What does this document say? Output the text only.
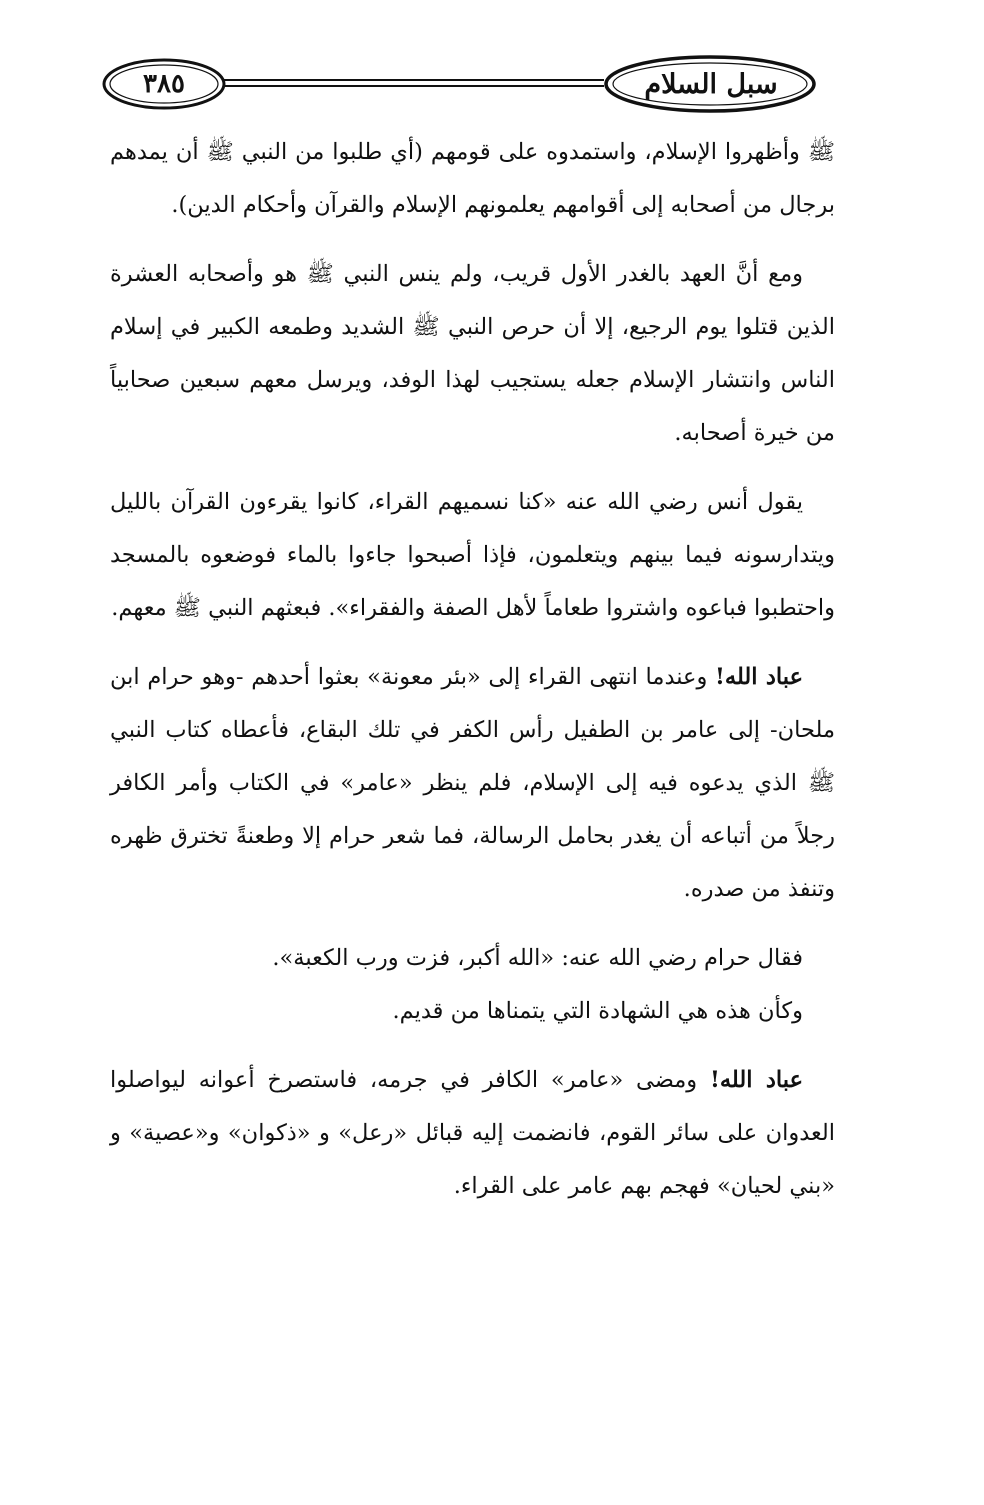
٣٨٥	سبل السلام

ﷺ وأظهروا الإسلام، واستمدوه على قومهم (أي طلبوا من النبي ﷺ أن يمدهم برجال من أصحابه إلى أقوامهم يعلمونهم الإسلام والقرآن وأحكام الدين).

ومع أنَّ العهد بالغدر الأول قريب، ولم ينس النبي ﷺ هو وأصحابه العشرة الذين قتلوا يوم الرجيع، إلا أن حرص النبي ﷺ الشديد وطمعه الكبير في إسلام الناس وانتشار الإسلام جعله يستجيب لهذا الوفد، ويرسل معهم سبعين صحابياً من خيرة أصحابه.

يقول أنس رضي الله عنه «كنا نسميهم القراء، كانوا يقرءون القرآن بالليل ويتدارسونه فيما بينهم ويتعلمون، فإذا أصبحوا جاءوا بالماء فوضعوه بالمسجد واحتطبوا فباعوه واشتروا طعاماً لأهل الصفة والفقراء». فبعثهم النبي ﷺ معهم.

عباد الله! وعندما انتهى القراء إلى «بئر معونة» بعثوا أحدهم -وهو حرام ابن ملحان- إلى عامر بن الطفيل رأس الكفر في تلك البقاع، فأعطاه كتاب النبي ﷺ الذي يدعوه فيه إلى الإسلام، فلم ينظر «عامر» في الكتاب وأمر الكافر رجلاً من أتباعه أن يغدر بحامل الرسالة، فما شعر حرام إلا وطعنةً تخترق ظهره وتنفذ من صدره.

فقال حرام رضي الله عنه: «الله أكبر، فزت ورب الكعبة».

وكأن هذه هي الشهادة التي يتمناها من قديم.

عباد الله! ومضى «عامر» الكافر في جرمه، فاستصرخ أعوانه ليواصلوا العدوان على سائر القوم، فانضمت إليه قبائل «رعل» و «ذكوان» و«عصية» و «بني لحيان» فهجم بهم عامر على القراء.
